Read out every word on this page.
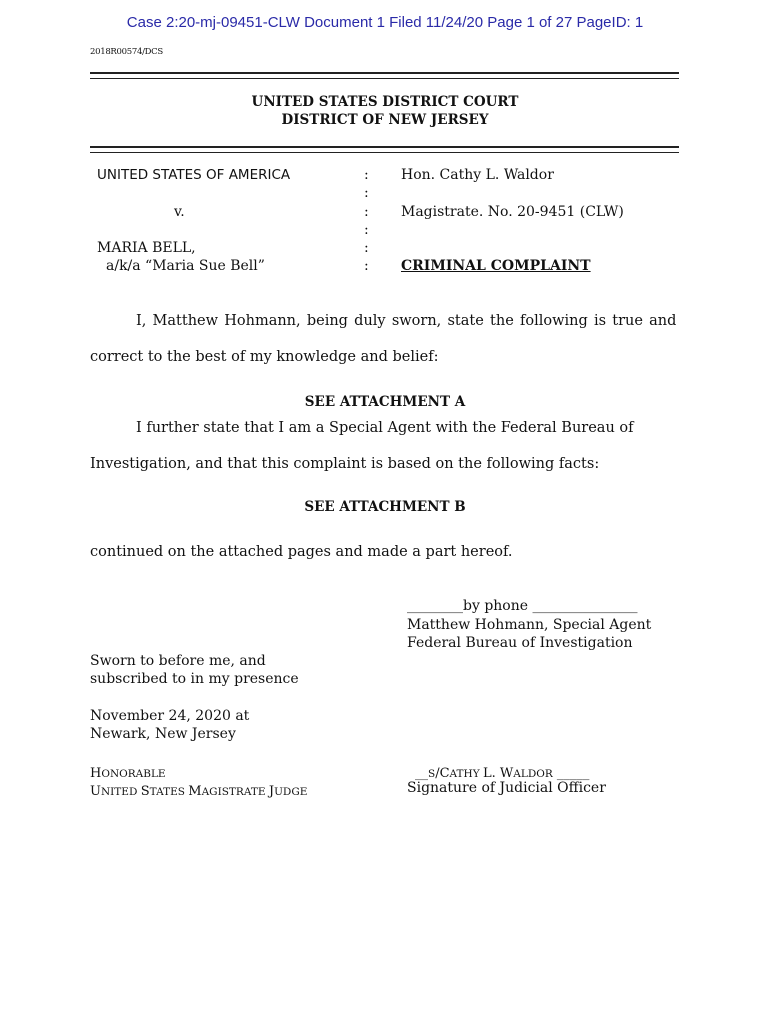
Case 2:20-mj-09451-CLW Document 1 Filed 11/24/20 Page 1 of 27 PageID: 1
2018R00574/DCS
UNITED STATES DISTRICT COURT
DISTRICT OF NEW JERSEY
UNITED STATES OF AMERICA
v.
MARIA BELL,
a/k/a “Maria Sue Bell”
:
:
:
:
:
:
Hon. Cathy L. Waldor
Magistrate. No. 20-9451 (CLW)
CRIMINAL COMPLAINT
I, Matthew Hohmann, being duly sworn, state the following is true and
correct to the best of my knowledge and belief:
SEE ATTACHMENT A
I further state that I am a Special Agent with the Federal Bureau of
Investigation, and that this complaint is based on the following facts:
SEE ATTACHMENT B
continued on the attached pages and made a part hereof.
________by phone _______________
Matthew Hohmann, Special Agent
Federal Bureau of Investigation
Sworn to before me, and
subscribed to in my presence
November 24, 2020 at
Newark, New Jersey
HONORABLE
UNITED STATES MAGISTRATE JUDGE
__S/CATHY L. WALDOR _____
Signature of Judicial Officer
